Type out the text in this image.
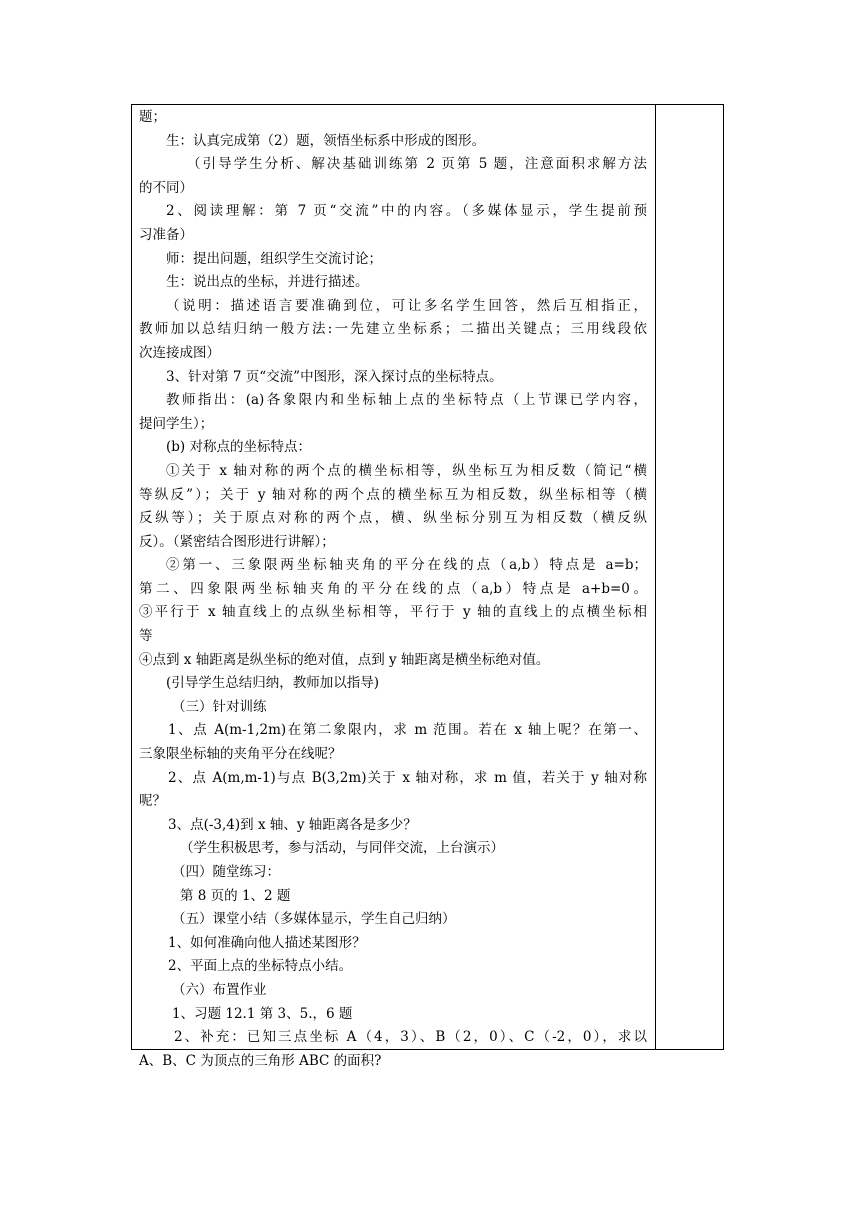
题；
生：认真完成第（2）题，领悟坐标系中形成的图形。
（引导学生分析、解决基础训练第 2 页第 5 题，注意面积求解方法
的不同）
2、阅读理解：第 7 页“交流”中的内容。（多媒体显示，学生提前预
习准备）
师：提出问题，组织学生交流讨论；
生：说出点的坐标，并进行描述。
（说明：描述语言要准确到位，可让多名学生回答，然后互相指正，
教师加以总结归纳一般方法:一先建立坐标系；二描出关键点；三用线段依
次连接成图）
3、针对第 7 页“交流”中图形，深入探讨点的坐标特点。
教师指出：(a)各象限内和坐标轴上点的坐标特点（上节课已学内容，
提问学生）；
(b) 对称点的坐标特点：
①关于 x 轴对称的两个点的横坐标相等，纵坐标互为相反数（简记“横
等纵反”）；关于 y 轴对称的两个点的横坐标互为相反数，纵坐标相等（横
反纵等）；关于原点对称的两个点，横、纵坐标分别互为相反数（横反纵
反）。（紧密结合图形进行讲解）；
②第一、三象限两坐标轴夹角的平分在线的点（a,b）特点是 a=b；
第二、四象限两坐标轴夹角的平分在线的点（a,b）特点是 a+b=0。
③平行于 x 轴直线上的点纵坐标相等，平行于 y 轴的直线上的点横坐标相
等
④点到 x 轴距离是纵坐标的绝对值，点到 y 轴距离是横坐标绝对值。
(引导学生总结归纳，教师加以指导)
（三）针对训练
1、点 A(m-1,2m)在第二象限内，求 m 范围。若在 x 轴上呢？在第一、
三象限坐标轴的夹角平分在线呢？
2、点 A(m,m-1)与点 B(3,2m)关于 x 轴对称，求 m 值，若关于 y 轴对称
呢？
3、点(-3,4)到 x 轴、y 轴距离各是多少？
（学生积极思考，参与活动，与同伴交流，上台演示）
（四）随堂练习：
第 8 页的 1、2 题
（五）课堂小结（多媒体显示，学生自己归纳）
1、如何准确向他人描述某图形？
2、平面上点的坐标特点小结。
（六）布置作业
1、习题 12.1 第 3、5.，6 题
2、补充：已知三点坐标 A（4，3）、B（2，0）、C（-2，0），求以
A、B、C 为顶点的三角形 ABC 的面积?
